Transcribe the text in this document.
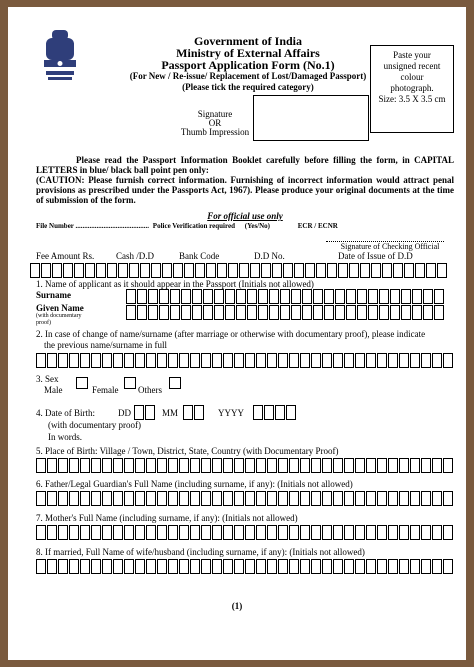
Government of India
Ministry of External Affairs
Passport Application Form (No.1)
(For New / Re-issue/ Replacement of Lost/Damaged Passport)
(Please tick the required category)
Paste your
unsigned recent
colour
photograph.
Size: 3.5 X 3.5 cm
Signature
OR
Thumb Impression
Please read the Passport Information Booklet carefully before filling the form, in CAPITAL LETTERS in blue/ black ball point pen only:
(CAUTION: Please furnish correct information. Furnishing of incorrect information would attract penal provisions as prescribed under the Passports Act, 1967). Please produce your original documents at the time of submission of the form.
For official use only
File Number .......................................... Police Verification required (Yes/No)	ECR / ECNR
Signature of Checking Official
Fee Amount Rs. Cash /D.D	Bank Code	D.D No.	Date of Issue of D.D
1. Name of applicant as it should appear in the Passport (Initials not allowed)
Surname
Given Name
(with documentary
proof)
2. In case of change of name/surname (after marriage or otherwise with documentary proof), please indicate
the previous name/surname in full
3. Sex
Male	Female Others
4. Date of Birth:	DD	MM	YYYY
(with documentary proof)
In words.
5. Place of Birth: Village / Town, District, State, Country (with Documentary Proof)
6. Father/Legal Guardian's Full Name (including surname, if any): (Initials not allowed)
7. Mother's Full Name (including surname, if any): (Initials not allowed)
8. If married, Full Name of wife/husband (including surname, if any): (Initials not allowed)
(1)
